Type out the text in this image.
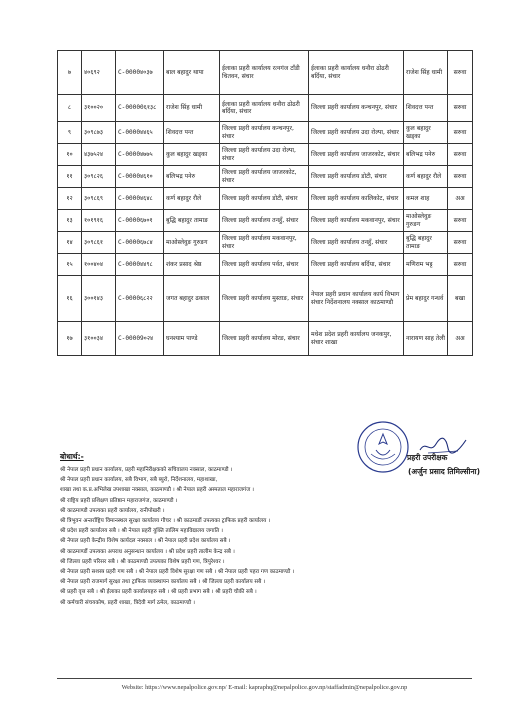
७	४०६९२	C-0000४०३७	बाल बहादुर थापा	ईलाका प्रहरी कार्यालय रत्नगंज टाँडी चितवन, संचार	ईलाका प्रहरी कार्यालय धनौरा ढोढरी बर्दिया, संचार	राजेश सिंह धामी	सरुवा
८	३१००२०	C-00000६१३८	राजेश सिंह धामी	ईलाका प्रहरी कार्यालय धनौरा ढोढरी बर्दिया, संचार	जिल्ला प्रहरी कार्यालय कन्चनपुर, संचार	शिवदत्त पन्त	सरुवा
९	३०९८७३	C-0000४४६५	शिवदत्त पन्त	जिल्ला प्रहरी कार्यालय कन्चनपुर, संचार	जिल्ला प्रहरी कार्यालय उदा रोल्पा, संचार	कुल बहादुर खड्का	सरुवा
१०	४३७५२४	C-0000४७७५	कुल बहादुर खड्का	जिल्ला प्रहरी कार्यालय उदा रोल्पा, संचार	जिल्ला प्रहरी कार्यालय जाजरकोट, संचार	बलिभद्र पनेरु	सरुवा
११	३०९८२६	C-0000४६१०	बलिभद्र पनेरु	जिल्ला प्रहरी कार्यालय जाजरकोट, संचार	जिल्ला प्रहरी कार्यालय डोटी, संचार	कर्ण बहादुर रौले	सरुवा
१२	३०९८६९	C-0000४६४८	कर्ण बहादुर रौले	जिल्ला प्रहरी कार्यालय डोटी, संचार	जिल्ला प्रहरी कार्यालय कालिकोट, संचार	कमल शाह	अअ
१३	१०१९१६	C-0000६७०१	बुद्धि बहादुर तामाङ	जिल्ला प्रहरी कार्यालय तनहुँ, संचार	जिल्ला प्रहरी कार्यालय मकवानपुर, संचार	माओस्लेवुङ गुरुङग	सरुवा
१४	३०९८६१	C-0000६७८४	माओस्लेवुङ गुरुङग	जिल्ला प्रहरी कार्यालय मकवानपुर, संचार	जिल्ला प्रहरी कार्यालय तनहुँ, संचार	बुद्धि बहादुर तामाङ	सरुवा
१५	१००४०४	C-0000४४९८	शंकर प्रसाद श्रेष्ठ	जिल्ला प्रहरी कार्यालय पर्वत, संचार	जिल्ला प्रहरी कार्यालय बर्दिया, संचार	मणिराम भट्ट	सरुवा
१६	३००१४३	C-0000६८२२	जगत बहादुर ढकाल	जिल्ला प्रहरी कार्यालय मुस्ताङ, संचार	नेपाल प्रहरी प्रधान कार्यालय कार्य विभाग संचार निर्देशनालय नक्साल काठमाण्डौ	प्रेम बहादुर गन्धर्व	बखा
१७	३१००३४	C-00009०२४	घनश्याम पाण्डे	जिल्ला प्रहरी कार्यालय मोरङ, संचार	मधेश प्रदेश प्रहरी कार्यालय जनकपुर, संचार शाखा	नारायण साह तेली	अअ
बोधार्थ:-
श्री नेपाल प्रहरी प्रधान कार्यालय, प्रहरी महानिरीक्षकको सचिवालय नक्साल, काठमाण्डौ ।
श्री नेपाल प्रहरी प्रधान कार्यालय, सबै विभाग, सबै ब्युरो, निर्देशनालय, महाशाखा,
शाखा तथा क.प्र.अभिलेख उपशाखा नक्साल, काठमाण्डौ । श्री नेपाल प्रहरी अस्पताल महाराजगंज ।
श्री राष्ट्रिय प्रहरी प्रशिक्षण प्रतिष्ठान महाराजगंज, काठमाण्डौ ।
श्री काठमाण्डौ उपत्यका प्रहरी कार्यालय, रानीपोखरी ।
श्री त्रिभुवन अन्तर्राष्ट्रिय विमानस्थल सुरक्षा कार्यालय गौचर । श्री काठमाडौं उपत्यका ट्राफिक प्रहरी कार्यालय ।
श्री प्रदेश प्रहरी कार्यालय सबै । श्री नेपाल प्रहरी युक्ति तालिम महाविद्यालय जगाति ।
श्री नेपाल प्रहरी केन्द्रीय विशेष कार्यदल नक्साल । श्री नेपाल प्रहरी प्रदेश कार्यालय सबै ।
श्री काठमाण्डौं उपत्यका अपराध अनुसन्धान कार्यालय । श्री प्रदेश प्रहरी तालीम केन्द्र सबै ।
श्री जिल्ला प्रहरी परिसर सबै । श्री काठमाण्डौ उपत्यका विशेष प्रहरी गण, त्रिपुरेश्वर ।
श्री नेपाल प्रहरी सशस्त्र प्रहरी गण सबै । श्री नेपाल प्रहरी विशेष सुरक्षा गण सबै । श्री नेपाल प्रहरी पहरा गण काठमाण्डौ ।
श्री नेपाल प्रहरी राजमार्ग सुरक्षा तथा ट्राफिक व्यवस्थापन कार्यालय सबै । श्री जिल्ला प्रहरी कार्यालय सबै ।
श्री प्रहरी वृत्त सबै । श्री ईलाका प्रहरी कार्यालयहरु सबै । श्री प्रहरी प्रभाग सबै । श्री प्रहरी चौकी सबै ।
श्री कर्मचारी संचयकोष, प्रहरी शाखा, त्रिदेवी मार्ग ठमेल, काठमाण्डौ ।
प्रहरी उपरीक्षक
(अर्जुन प्रसाद तिमिल्सीना)
Website: https://www.nepalpolice.gov.np/ E-mail: kapraphq@nepalpolice.gov.np/staffadmin@nepalpolice.gov.np
